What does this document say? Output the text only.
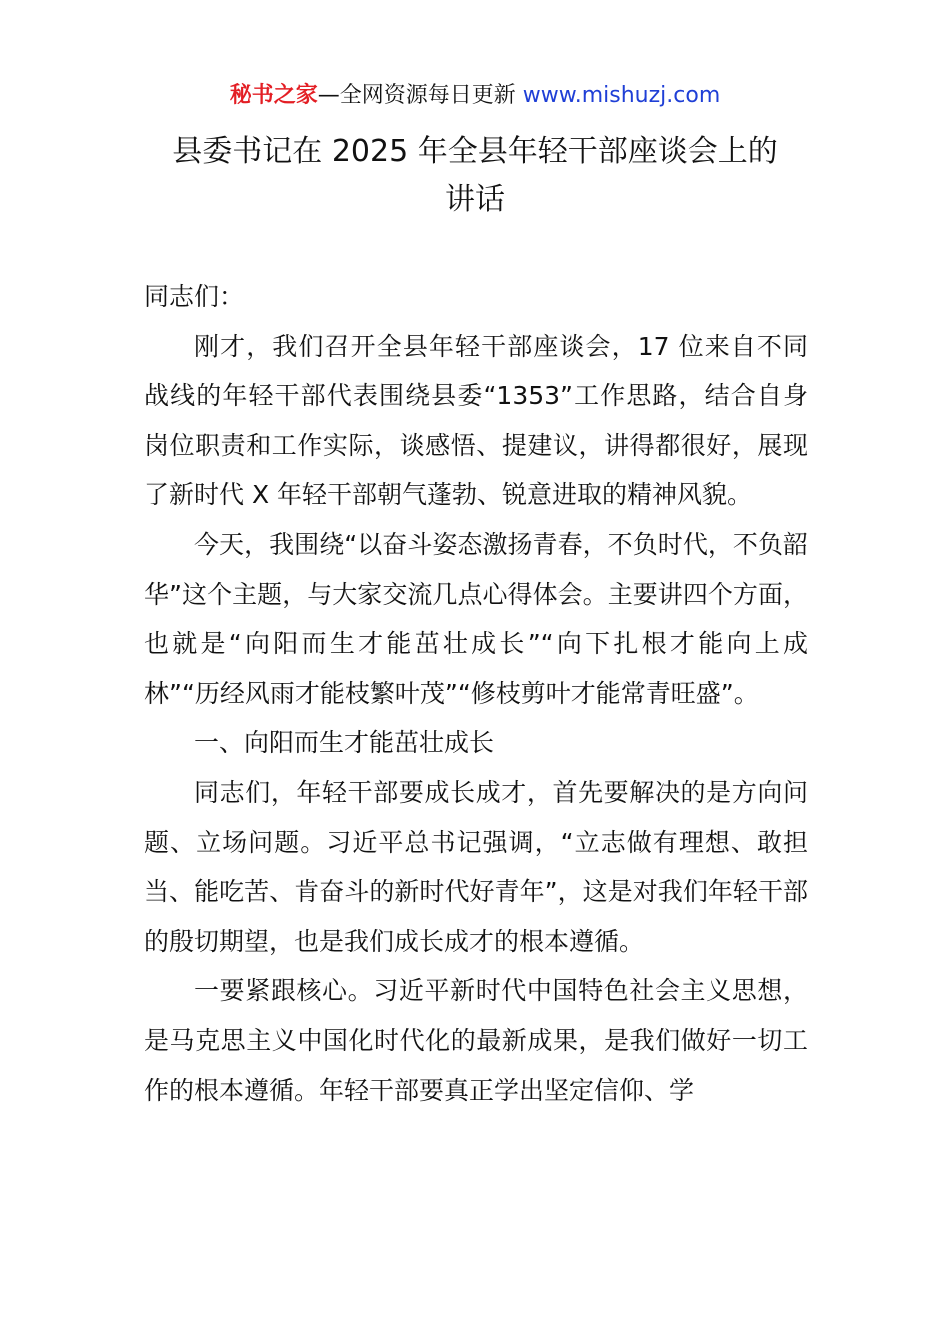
秘书之家—全网资源每日更新 www.mishuzj.com
县委书记在 2025 年全县年轻干部座谈会上的
讲话

同志们：

刚才，我们召开全县年轻干部座谈会，17 位来自不同战线的年轻干部代表围绕县委“1353”工作思路，结合自身岗位职责和工作实际，谈感悟、提建议，讲得都很好，展现了新时代 X 年轻干部朝气蓬勃、锐意进取的精神风貌。

今天，我围绕“以奋斗姿态激扬青春，不负时代，不负韶华”这个主题，与大家交流几点心得体会。主要讲四个方面，也就是“向阳而生才能茁壮成长”“向下扎根才能向上成林”“历经风雨才能枝繁叶茂”“修枝剪叶才能常青旺盛”。

一、向阳而生才能茁壮成长

同志们，年轻干部要成长成才，首先要解决的是方向问题、立场问题。习近平总书记强调，“立志做有理想、敢担当、能吃苦、肯奋斗的新时代好青年”，这是对我们年轻干部的殷切期望，也是我们成长成才的根本遵循。

一要紧跟核心。习近平新时代中国特色社会主义思想，是马克思主义中国化时代化的最新成果，是我们做好一切工作的根本遵循。年轻干部要真正学出坚定信仰、学
